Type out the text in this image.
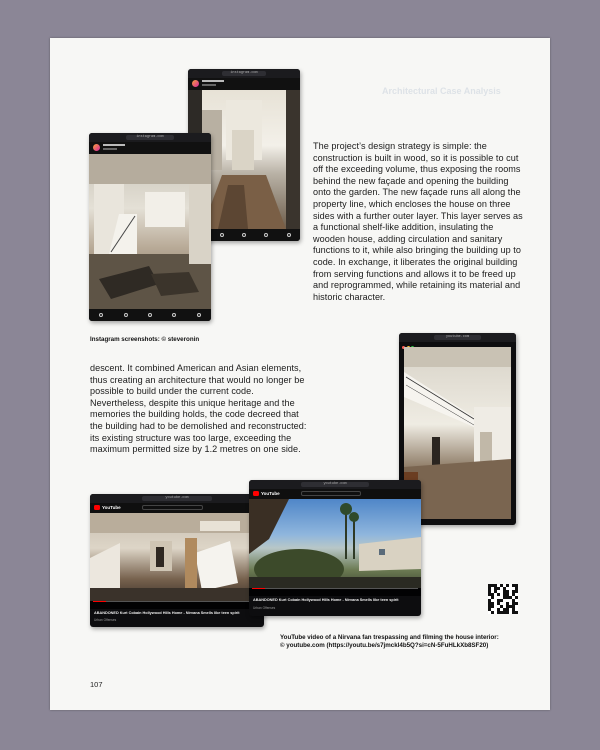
Architectural Case Analysis
instagram.com
instagram.com

The project’s design strategy is simple: the construction is built in wood, so it is possible to cut off the exceeding volume, thus exposing the rooms behind the new façade and opening the building onto the garden. The new façade runs all along the property line, which encloses the house on three sides with a further outer layer. This layer serves as a functional shelf-like addition, insulating the wooden house, adding circulation and sanitary functions to it, while also bringing the building up to code. In exchange, it liberates the original building from serving functions and allows it to be freed up and reprogrammed, while retaining its material and historic character.

Instagram screenshots: © steveronin

descent. It combined American and Asian elements, thus creating an architecture that would no longer be possible to build under the current code. Nevertheless, despite this unique heritage and the memories the building holds, the code decreed that the building had to be demolished and reconstructed: its existing structure was too large, exceeding the maximum permitted size by 1.2 metres on one side.

youtube.com
youtube.com
YouTube
ABANDONED Kurt Cobain Hollywood Hills Home - Nirvana Smells like teen spirit
Urban Offenses
youtube.com
YouTube
ABANDONED Kurt Cobain Hollywood Hills Home - Nirvana Smells like teen spirit
Urban Offenses
YouTube video of a Nirvana fan trespassing and filming the house interior:
© youtube.com (https://youtu.be/s7jmckl4b5Q?si=cN-5FuHLkXb8SF20)
107
